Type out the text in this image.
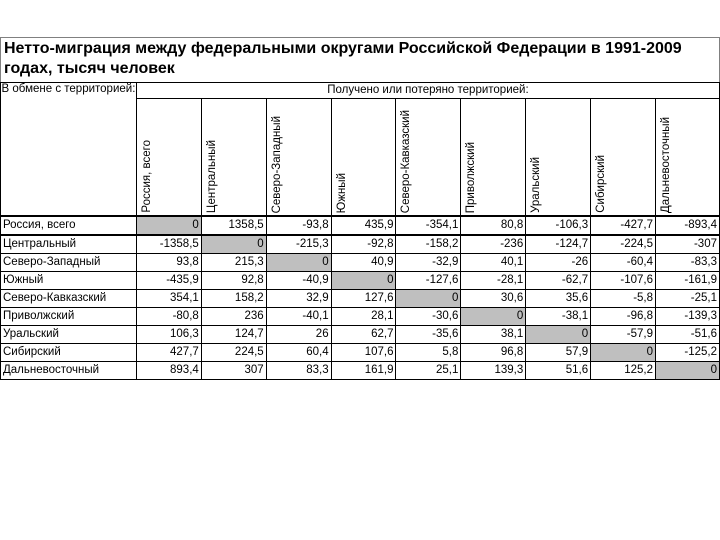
Нетто-миграция между федеральными округами Российской Федерации в 1991-2009 годах, тысяч человек
В обмене с территорией:	Получено или потеряно территорией:								

	Россия, всего	Центральный	Северо-Западный	Южный	Северо-Кавказский	Приволжский	Уральский	Сибирский	Дальневосточный

Россия, всего	0	1358,5	-93,8	435,9	-354,1	80,8	-106,3	-427,7	-893,4
Центральный	-1358,5	0	-215,3	-92,8	-158,2	-236	-124,7	-224,5	-307
Северо-Западный	93,8	215,3	0	40,9	-32,9	40,1	-26	-60,4	-83,3
Южный	-435,9	92,8	-40,9	0	-127,6	-28,1	-62,7	-107,6	-161,9
Северо-Кавказский	354,1	158,2	32,9	127,6	0	30,6	35,6	-5,8	-25,1
Приволжский	-80,8	236	-40,1	28,1	-30,6	0	-38,1	-96,8	-139,3
Уральский	106,3	124,7	26	62,7	-35,6	38,1	0	-57,9	-51,6
Сибирский	427,7	224,5	60,4	107,6	5,8	96,8	57,9	0	-125,2
Дальневосточный	893,4	307	83,3	161,9	25,1	139,3	51,6	125,2	0
